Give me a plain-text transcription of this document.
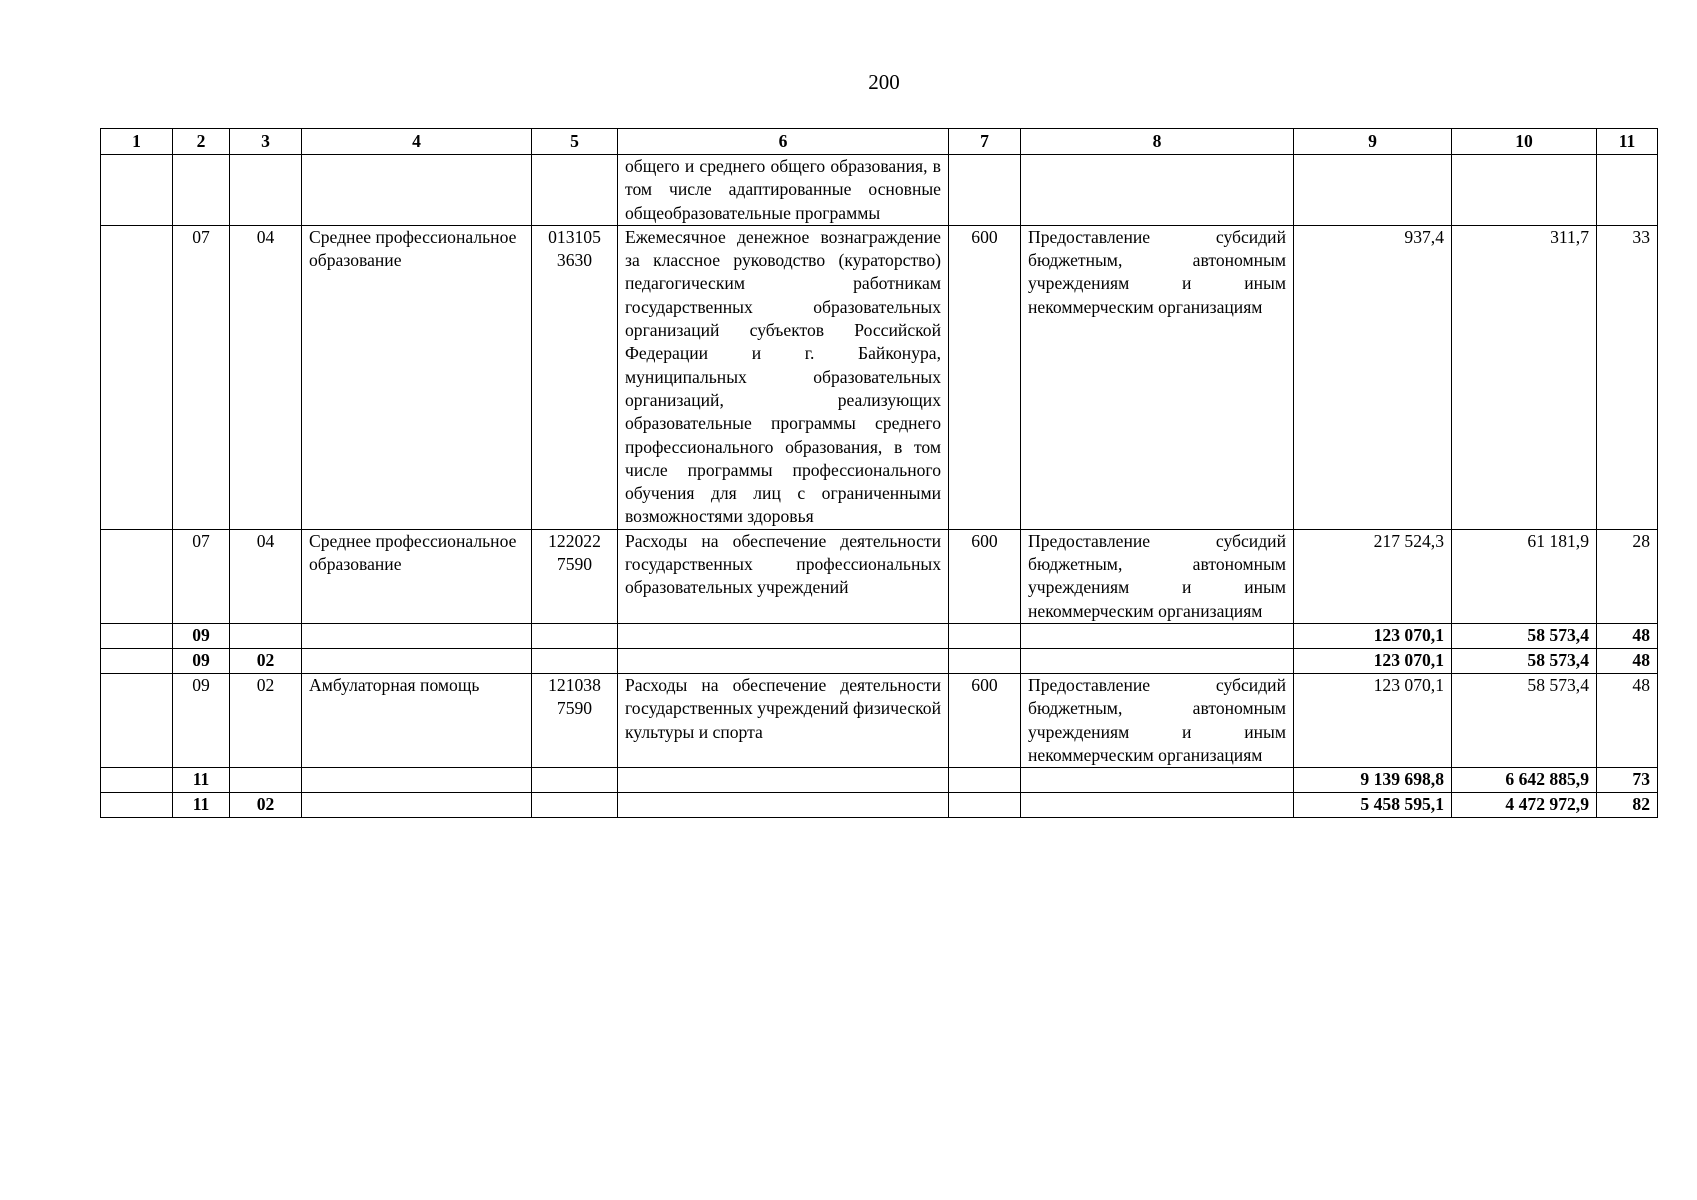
200
1	2	3	4	5	6	7	8	9	10	11
					общего и среднего общего образования, в том числе адаптированные основные общеобразовательные программы					
	07	04	Среднее профессиональное образование	013105 3630	Ежемесячное денежное вознаграждение за классное руководство (кураторство) педагогическим работникам государственных образовательных организаций субъектов Российской Федерации и г. Байконура, муниципальных образовательных организаций, реализующих образовательные программы среднего профессионального образования, в том числе программы профессионального обучения для лиц с ограниченными возможностями здоровья	600	Предоставление субсидий бюджетным, автономным учреждениям и иным некоммерческим организациям	937,4	311,7	33
	07	04	Среднее профессиональное образование	122022 7590	Расходы на обеспечение деятельности государственных профессиональных образовательных учреждений	600	Предоставление субсидий бюджетным, автономным учреждениям и иным некоммерческим организациям	217 524,3	61 181,9	28
	09							123 070,1	58 573,4	48
	09	02						123 070,1	58 573,4	48
	09	02	Амбулаторная помощь	121038 7590	Расходы на обеспечение деятельности государственных учреждений физической культуры и спорта	600	Предоставление субсидий бюджетным, автономным учреждениям и иным некоммерческим организациям	123 070,1	58 573,4	48
	11							9 139 698,8	6 642 885,9	73
	11	02						5 458 595,1	4 472 972,9	82
